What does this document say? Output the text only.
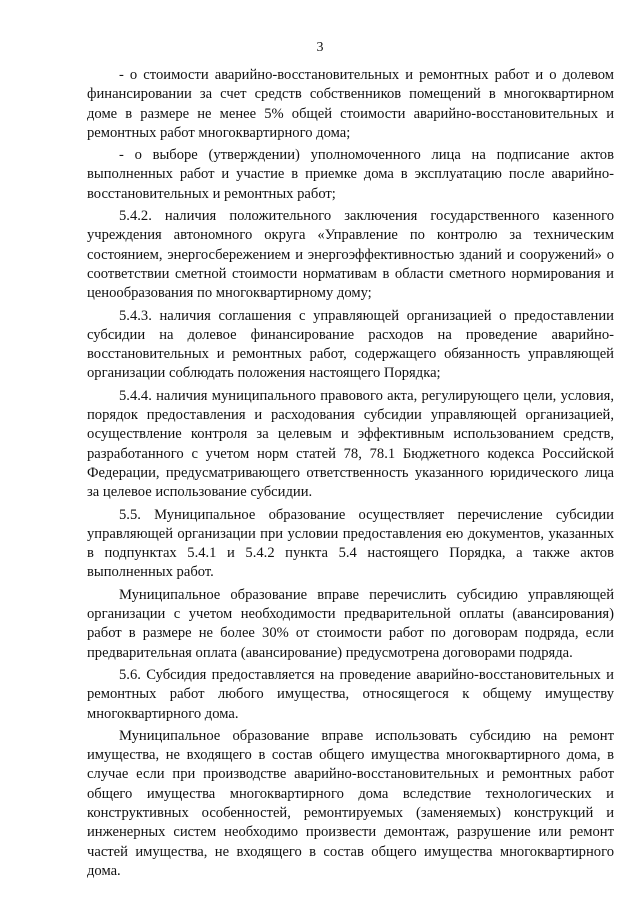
3

- о стоимости аварийно-восстановительных и ремонтных работ и о долевом финансировании за счет средств собственников помещений в многоквартирном доме в размере не менее 5% общей стоимости аварийно-восстановительных и ремонтных работ многоквартирного дома;

- о выборе (утверждении) уполномоченного лица на подписание актов выполненных работ и участие в приемке дома в эксплуатацию после аварийно-восстановительных и ремонтных работ;

5.4.2. наличия положительного заключения государственного казенного учреждения автономного округа «Управление по контролю за техническим состоянием, энергосбережением и энергоэффективностью зданий и сооружений» о соответствии сметной стоимости нормативам в области сметного нормирования и ценообразования по многоквартирному дому;

5.4.3. наличия соглашения с управляющей организацией о предоставлении субсидии на долевое финансирование расходов на проведение аварийно-восстановительных и ремонтных работ, содержащего обязанность управляющей организации соблюдать положения настоящего Порядка;

5.4.4. наличия муниципального правового акта, регулирующего цели, условия, порядок предоставления и расходования субсидии управляющей организацией, осуществление контроля за целевым и эффективным использованием средств, разработанного с учетом норм статей 78, 78.1 Бюджетного кодекса Российской Федерации, предусматривающего ответственность указанного юридического лица за целевое использование субсидии.

5.5. Муниципальное образование осуществляет перечисление субсидии управляющей организации при условии предоставления ею документов, указанных в подпунктах 5.4.1 и 5.4.2 пункта 5.4 настоящего Порядка, а также актов выполненных работ.

Муниципальное образование вправе перечислить субсидию управляющей организации с учетом необходимости предварительной оплаты (авансирования) работ в размере не более 30% от стоимости работ по договорам подряда, если предварительная оплата (авансирование) предусмотрена договорами подряда.

5.6. Субсидия предоставляется на проведение аварийно-восстановительных и ремонтных работ любого имущества, относящегося к общему имуществу многоквартирного дома.

Муниципальное образование вправе использовать субсидию на ремонт имущества, не входящего в состав общего имущества многоквартирного дома, в случае если при производстве аварийно-восстановительных и ремонтных работ общего имущества многоквартирного дома вследствие технологических и конструктивных особенностей, ремонтируемых (заменяемых) конструкций и инженерных систем необходимо произвести демонтаж, разрушение или ремонт частей имущества, не входящего в состав общего имущества многоквартирного дома.
